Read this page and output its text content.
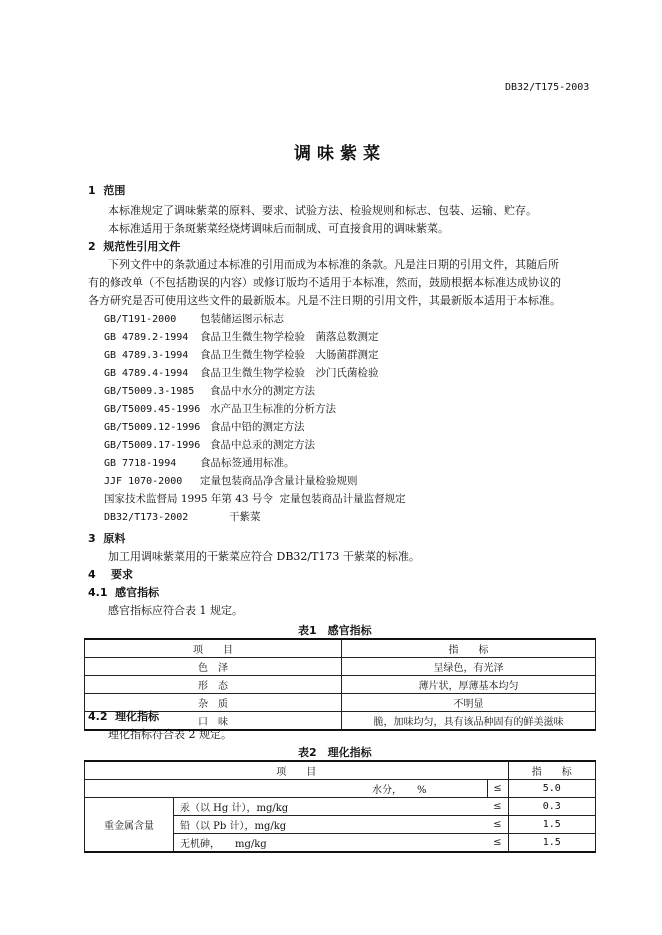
DB32/T175-2003
调味紫菜
1 范围
本标准规定了调味紫菜的原料、要求、试验方法、检验规则和标志、包装、运输、贮存。
本标准适用于条斑紫菜经烧烤调味后而制成、可直接食用的调味紫菜。
2 规范性引用文件
下列文件中的条款通过本标准的引用而成为本标准的条款。凡是注日期的引用文件，其随后所
有的修改单（不包括勘误的内容）或修订版均不适用于本标准，然而，鼓励根据本标准达成协议的
各方研究是否可使用这些文件的最新版本。凡是不注日期的引用文件，其最新版本适用于本标准。
GB/T191-2000 包装储运图示标志
GB 4789.2-1994 食品卫生微生物学检验　菌落总数测定
GB 4789.3-1994 食品卫生微生物学检验　大肠菌群测定
GB 4789.4-1994 食品卫生微生物学检验　沙门氏菌检验
GB/T5009.3-1985 食品中水分的测定方法
GB/T5009.45-1996 水产品卫生标准的分析方法
GB/T5009.12-1996 食品中铅的测定方法
GB/T5009.17-1996 食品中总汞的测定方法
GB 7718-1994 食品标签通用标准。
JJF 1070-2000 定量包装商品净含量计量检验规则
国家技术监督局 1995 年第 43 号令 定量包装商品计量监督规定
DB32/T173-2002	干紫菜
3 原料
加工用调味紫菜用的干紫菜应符合 DB32/T173 干紫菜的标准。
4 要求
4.1 感官指标
感官指标应符合表 1 规定。
表1　感官指标
项　　目	指　　标
色　泽	呈绿色，有光泽
形　态	薄片状，厚薄基本均匀
杂　质	不明显
口　味	脆，加味均匀，具有该品种固有的鲜美滋味
4.2 理化指标
理化指标符合表 2 规定。
表2　理化指标
项　　目			指　　标
水分，　　%		≤	5.0
重金属含量	汞（以 Hg 计），mg/kg	≤	0.3
	铅（以 Pb 计），mg/kg	≤	1.5
	无机砷，　　mg/kg	≤	1.5
